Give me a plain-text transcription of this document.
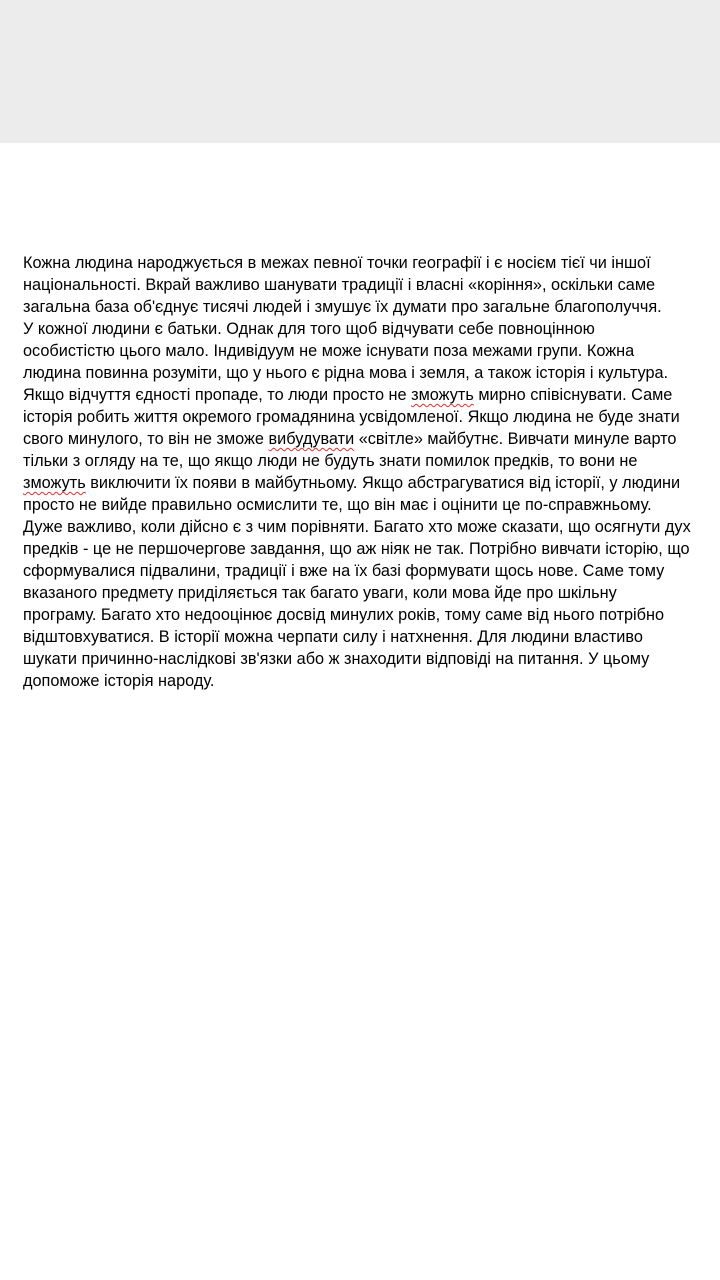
Кожна людина народжується в межах певної точки географії і є носієм тієї чи іншої
національності. Вкрай важливо шанувати традиції і власні «коріння», оскільки саме
загальна база об'єднує тисячі людей і змушує їх думати про загальне благополуччя.
У кожної людини є батьки. Однак для того щоб відчувати себе повноцінною
особистістю цього мало. Індивідуум не може існувати поза межами групи. Кожна
людина повинна розуміти, що у нього є рідна мова і земля, а також історія і культура.
Якщо відчуття єдності пропаде, то люди просто не зможуть мирно співіснувати. Саме
історія робить життя окремого громадянина усвідомленої. Якщо людина не буде знати
свого минулого, то він не зможе вибудувати «світле» майбутнє. Вивчати минуле варто
тільки з огляду на те, що якщо люди не будуть знати помилок предків, то вони не
зможуть виключити їх появи в майбутньому. Якщо абстрагуватися від історії, у людини
просто не вийде правильно осмислити те, що він має і оцінити це по-справжньому.
Дуже важливо, коли дійсно є з чим порівняти. Багато хто може сказати, що осягнути дух
предків - це не першочергове завдання, що аж ніяк не так. Потрібно вивчати історію, що
сформувалися підвалини, традиції і вже на їх базі формувати щось нове. Саме тому
вказаного предмету приділяється так багато уваги, коли мова йде про шкільну
програму. Багато хто недооцінює досвід минулих років, тому саме від нього потрібно
відштовхуватися. В історії можна черпати силу і натхнення. Для людини властиво
шукати причинно-наслідкові зв'язки або ж знаходити відповіді на питання. У цьому
допоможе історія народу.
